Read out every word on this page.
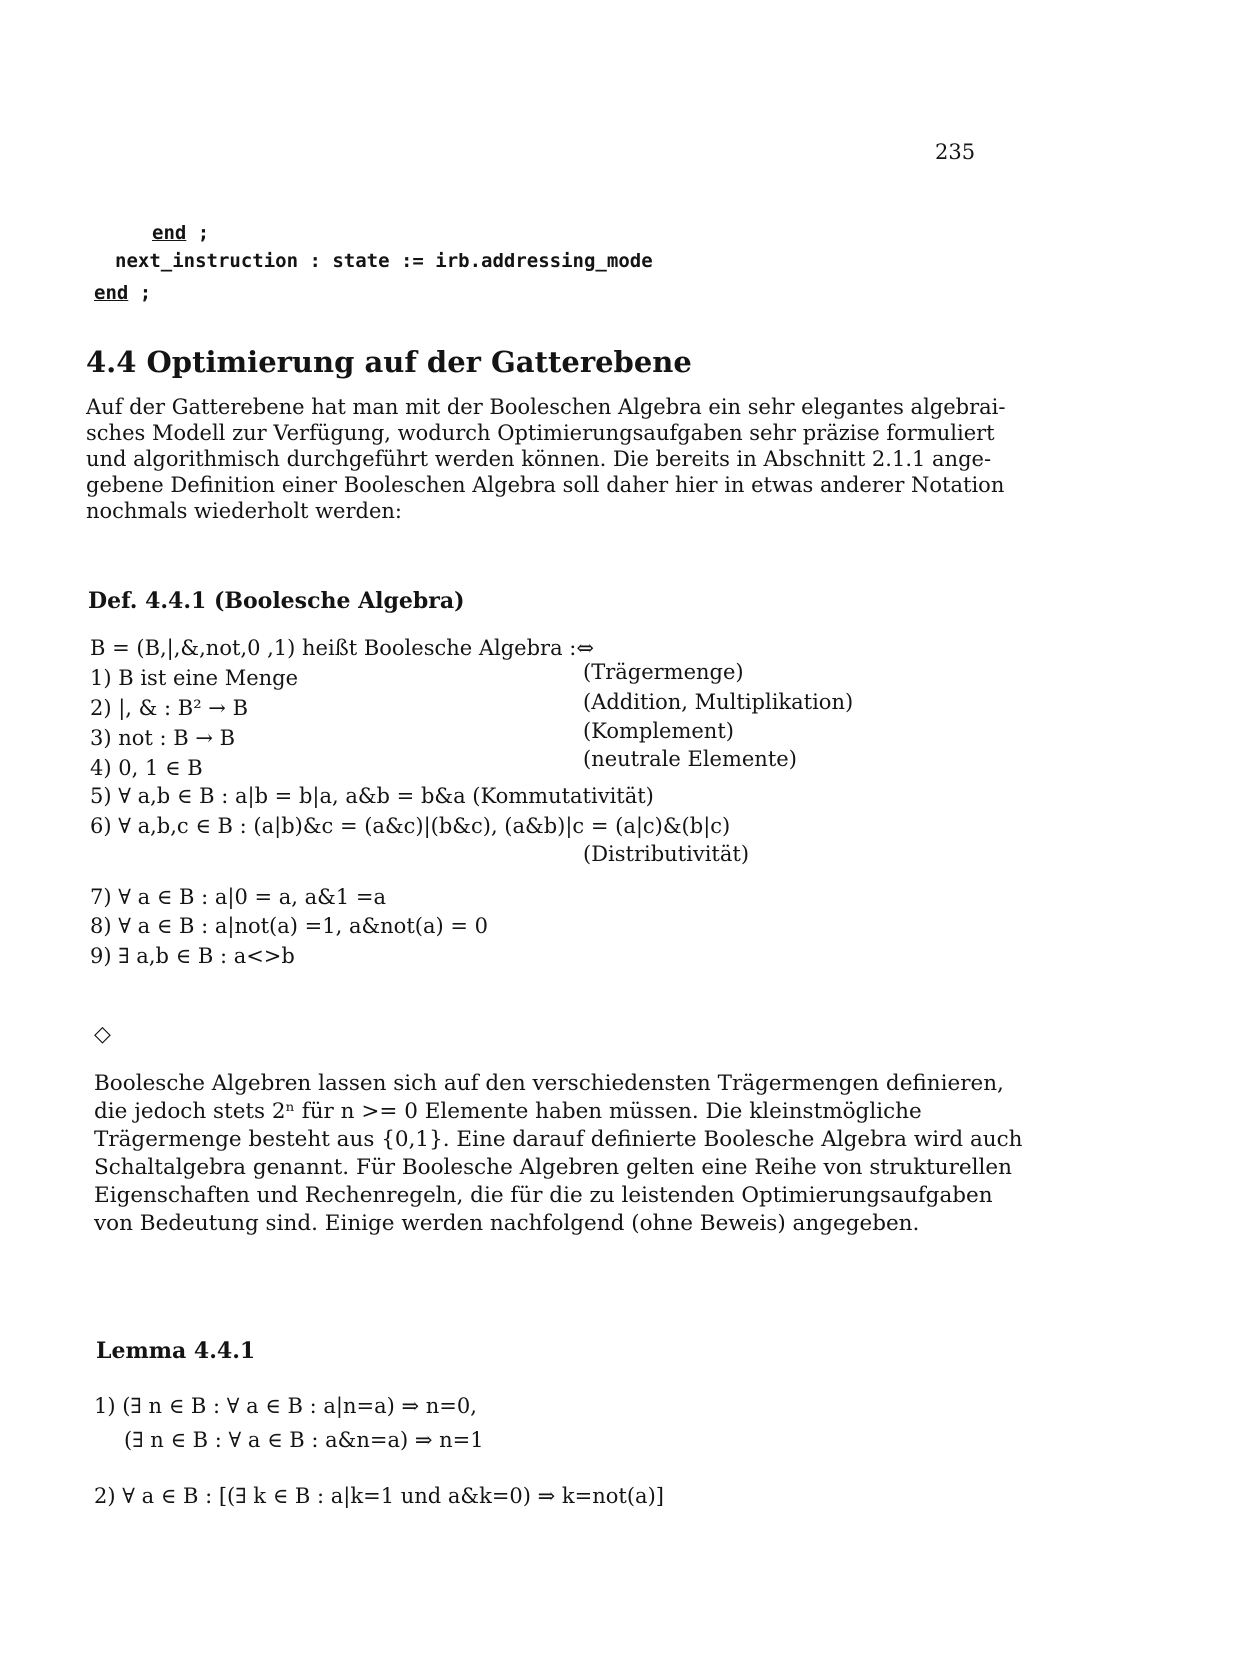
235
end ;
next_instruction : state := irb.addressing_mode
end ;
4.4 Optimierung auf der Gatterebene
Auf der Gatterebene hat man mit der Booleschen Algebra ein sehr elegantes algebrai-
sches Modell zur Verfügung, wodurch Optimierungsaufgaben sehr präzise formuliert
und algorithmisch durchgeführt werden können. Die bereits in Abschnitt 2.1.1 ange-
gebene Definition einer Booleschen Algebra soll daher hier in etwas anderer Notation
nochmals wiederholt werden:
Def. 4.4.1 (Boolesche Algebra)
B = (B,|,&,not,0 ,1) heißt Boolesche Algebra :⇔
1) B ist eine Menge	(Trägermenge)
2) |, & : B² → B	(Addition, Multiplikation)
3) not : B → B	(Komplement)
4) 0, 1 ∈ B	(neutrale Elemente)
5) ∀ a,b ∈ B : a|b = b|a, a&b = b&a (Kommutativität)
6) ∀ a,b,c ∈ B : (a|b)&c = (a&c)|(b&c), (a&b)|c = (a|c)&(b|c)
(Distributivität)
7) ∀ a ∈ B : a|0 = a, a&1 =a
8) ∀ a ∈ B : a|not(a) =1, a&not(a) = 0
9) ∃ a,b ∈ B : a<>b
◇
Boolesche Algebren lassen sich auf den verschiedensten Trägermengen definieren,
die jedoch stets 2ⁿ für n >= 0 Elemente haben müssen. Die kleinstmögliche
Trägermenge besteht aus {0,1}. Eine darauf definierte Boolesche Algebra wird auch
Schaltalgebra genannt. Für Boolesche Algebren gelten eine Reihe von strukturellen
Eigenschaften und Rechenregeln, die für die zu leistenden Optimierungsaufgaben
von Bedeutung sind. Einige werden nachfolgend (ohne Beweis) angegeben.
Lemma 4.4.1
1) (∃ n ∈ B : ∀ a ∈ B : a|n=a) ⇒ n=0,
(∃ n ∈ B : ∀ a ∈ B : a&n=a) ⇒ n=1
2) ∀ a ∈ B : [(∃ k ∈ B : a|k=1 und a&k=0) ⇒ k=not(a)]
